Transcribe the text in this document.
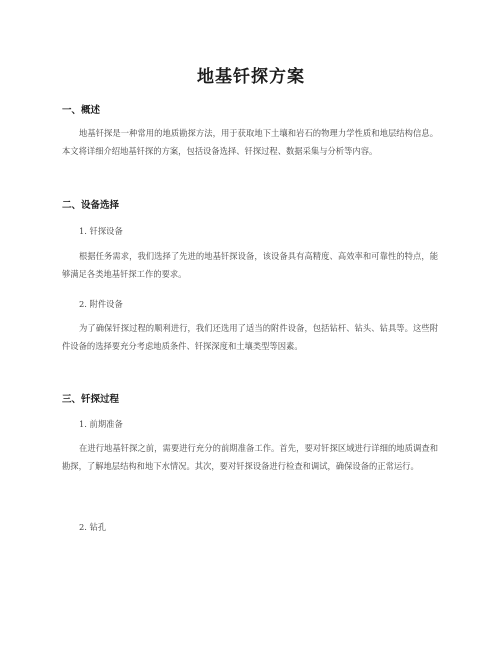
地基钎探方案
一、概述
地基钎探是一种常用的地质勘探方法，用于获取地下土壤和岩石的物理力学性质和地层结构信息。本文将详细介绍地基钎探的方案，包括设备选择、钎探过程、数据采集与分析等内容。
二、设备选择
1. 钎探设备
根据任务需求，我们选择了先进的地基钎探设备，该设备具有高精度、高效率和可靠性的特点，能够满足各类地基钎探工作的要求。
2. 附件设备
为了确保钎探过程的顺利进行，我们还选用了适当的附件设备，包括钻杆、钻头、钻具等。这些附件设备的选择要充分考虑地质条件、钎探深度和土壤类型等因素。
三、钎探过程
1. 前期准备
在进行地基钎探之前，需要进行充分的前期准备工作。首先，要对钎探区域进行详细的地质调查和勘探，了解地层结构和地下水情况。其次，要对钎探设备进行检查和调试，确保设备的正常运行。
2. 钻孔
